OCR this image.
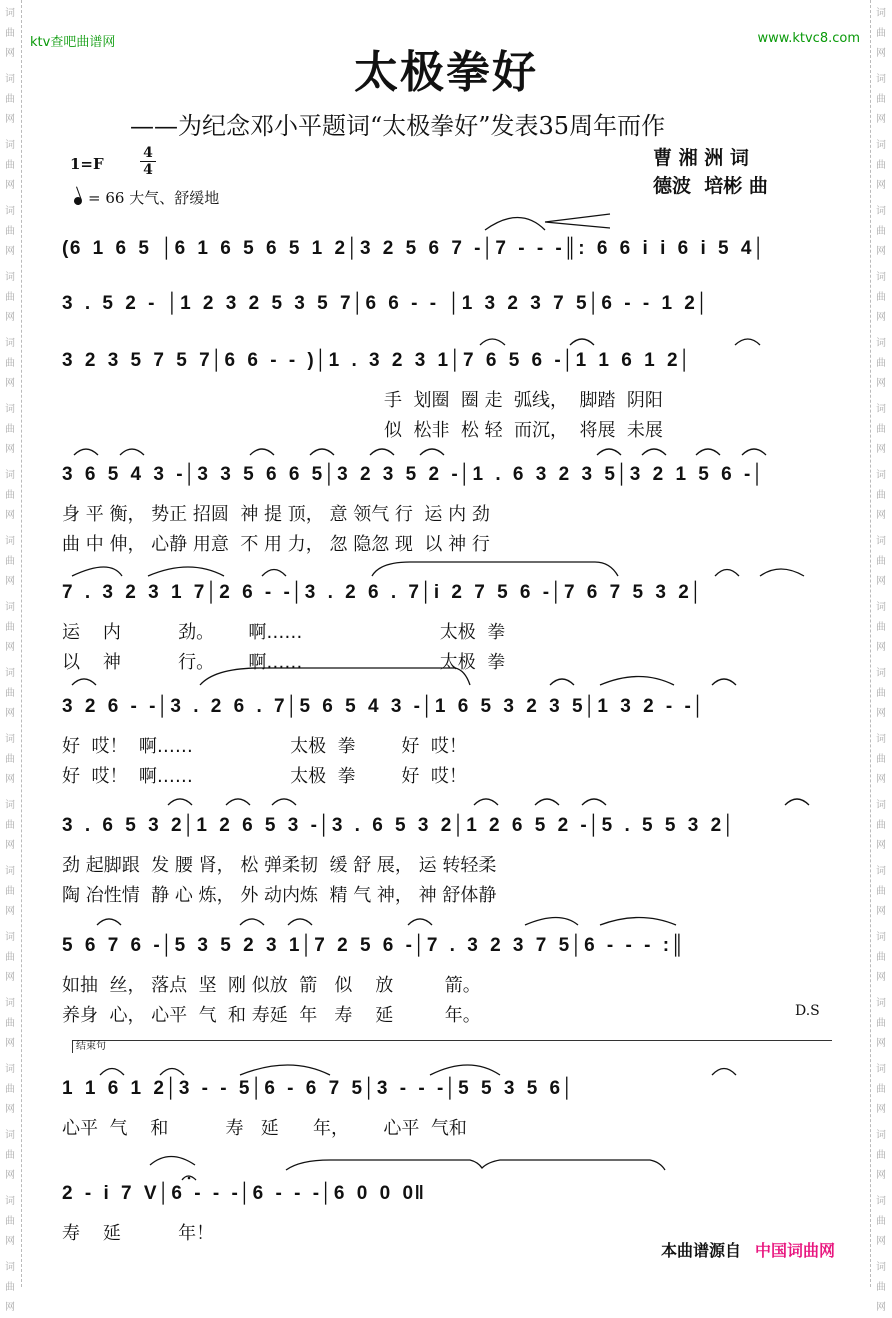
词
曲
网
词
曲
网
词
曲
网
词
曲
网
词
曲
网
词
曲
网
词
曲
网
词
曲
网
词
曲
网
词
曲
网
词
曲
网
词
曲
网
词
曲
网
词
曲
网
词
曲
网
词
曲
网
词
曲
网
词
曲
网
词
曲
网
词
曲
网
词
曲
网
词
曲
网
词
曲
网
词
曲
网
词
曲
网
词
曲
网
词
曲
网
词
曲
网
词
曲
网
词
曲
网
词
曲
网
词
曲
网
词
曲
网
词
曲
网
词
曲
网
词
曲
网
词
曲
网
词
曲
网
词
曲
网
词
曲
网
ktv查吧曲谱网	www.ktvc8.com
太极拳好
——为纪念邓小平题词“太极拳好”发表35周年而作
1=F
4
4
= 66 大气、舒缓地
曹 湘 洲 词
德波  培彬 曲
(6 1 6 5 │6 1 6 5 6 5 1 2│3 2 5 6 7 -│7 - - -║: 6 6 i i 6 i 5 4│
3 . 5 2 - │1 2 3 2 5 3 5 7│6 6 - - │1 3 2 3 7 5│6 - - 1 2│
3 2 3 5 7 5 7│6 6 - - )│1 . 3 2 3 1│7 6 5 6 -│1 1 6 1 2│
手  划圈  圈 走  弧线，  脚踏  阴阳
似  松非  松 轻  而沉，  将展  未展
3 6 5 4 3 -│3 3 5 6 6 5│3 2 3 5 2 -│1 . 6 3 2 3 5│3 2 1 5 6 -│
身 平 衡， 势正 招圆  神 提 顶， 意 领气 行  运 内 劲
曲 中 伸， 心静 用意  不 用 力， 忽 隐忽 现  以 神 行
7 . 3 2 3 1 7│2 6 - -│3 . 2 6 . 7│i 2 7 5 6 -│7 6 7 5 3 2│
运    内          劲。      啊……                        太极  拳
以    神          行。      啊……                        太极  拳
3 2 6 - -│3 . 2 6 . 7│5 6 5 4 3 -│1 6 5 3 2 3 5│1 3 2 - -│
好  哎！  啊……                 太极  拳        好  哎！
好  哎！  啊……                 太极  拳        好  哎！
3 . 6 5 3 2│1 2 6 5 3 -│3 . 6 5 3 2│1 2 6 5 2 -│5 . 5 5 3 2│
劲 起脚跟  发 腰 肾， 松 弹柔韧  缓 舒 展， 运 转轻柔
陶 冶性情  静 心 炼， 外 动内炼  精 气 神， 神 舒体静
5 6 7 6 -│5 3 5 2 3 1│7 2 5 6 -│7 . 3 2 3 7 5│6 - - - :║
如抽  丝， 落点  坚  刚 似放  箭   似    放         箭。
养身  心， 心平  气  和 寿延  年   寿    延         年。
1 1 6 1 2│3 - - 5│6 - 6 7 5│3 - - -│5 5 3 5 6│
心平  气    和          寿   延      年，      心平  气和
2 - i 7 V│6 - - -│6 - - -│6 0 0 0‖
寿    延          年！
结束句
D.S
本曲谱源自 中国词曲网
